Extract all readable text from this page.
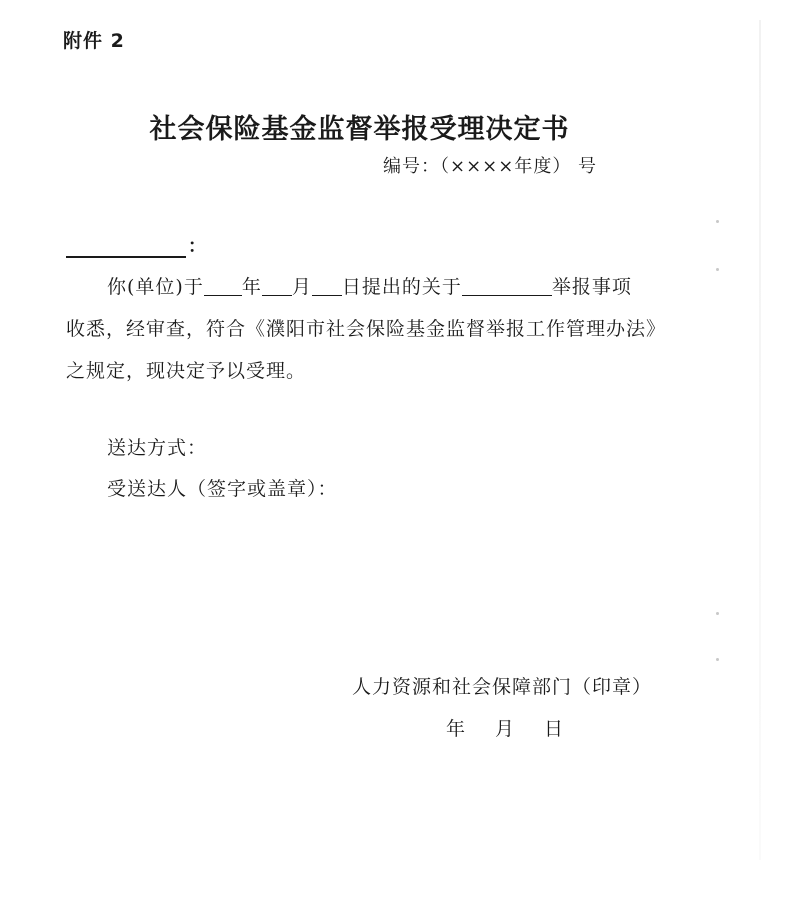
附件 2
社会保险基金监督举报受理决定书
编号：（××××年度） 号
：
你(单位)于 年 月 日提出的关于	举报事项
收悉，经审查，符合《濮阳市社会保险基金监督举报工作管理办法》
之规定，现决定予以受理。
送达方式：
受送达人（签字或盖章）：
人力资源和社会保障部门（印章）
年 月 日
